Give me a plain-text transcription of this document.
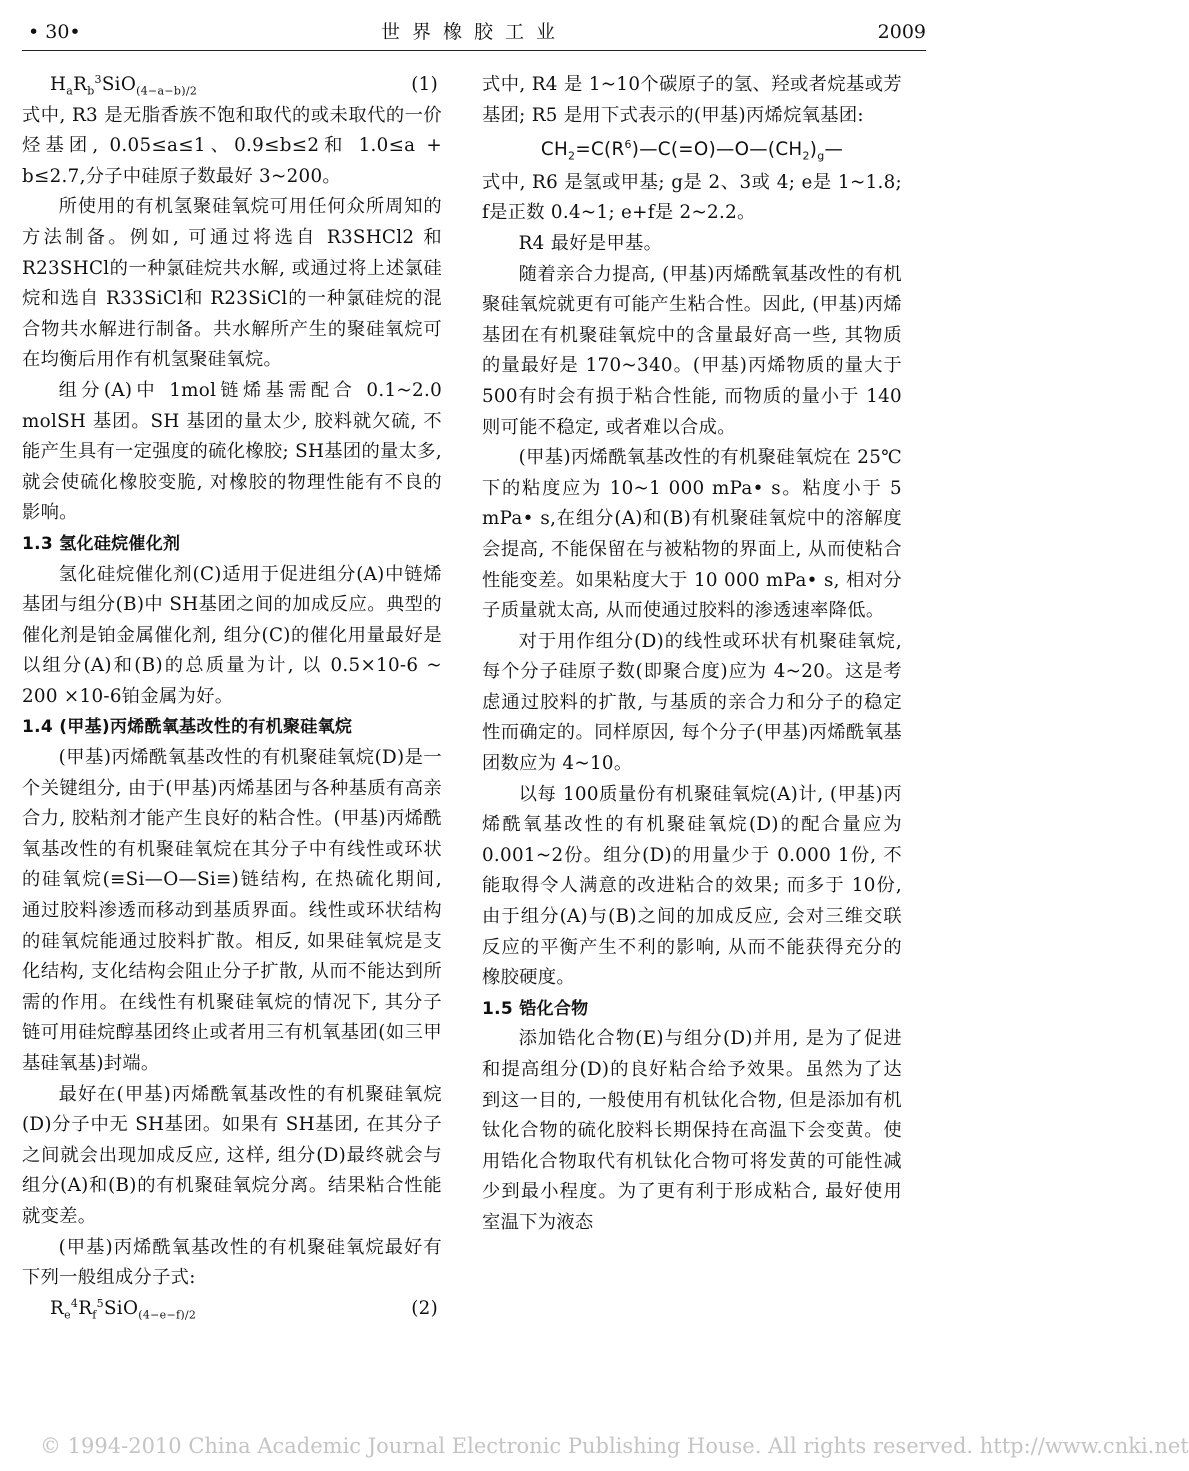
• 30•	世界橡胶工业	2009
$H_aR_b^3SiO_{(4-a-b)/2}$	(1)

式中, R3 是无脂香族不饱和取代的或未取代的一价烃基团, 0.05≤a≤1、0.9≤b≤2和 1.0≤a + b≤2.7,分子中硅原子数最好 3~200。

所使用的有机氢聚硅氧烷可用任何众所周知的方法制备。例如, 可通过将选自 R3SHCl2 和 R23SHCl的一种氯硅烷共水解, 或通过将上述氯硅烷和选自 R33SiCl和 R23SiCl的一种氯硅烷的混合物共水解进行制备。共水解所产生的聚硅氧烷可在均衡后用作有机氢聚硅氧烷。

组分(A)中 1mol链烯基需配合 0.1~2.0 molSH 基团。SH 基团的量太少, 胶料就欠硫, 不能产生具有一定强度的硫化橡胶; SH基团的量太多, 就会使硫化橡胶变脆, 对橡胶的物理性能有不良的影响。

1.3 氢化硅烷催化剂

氢化硅烷催化剂(C)适用于促进组分(A)中链烯基团与组分(B)中 SH基团之间的加成反应。典型的催化剂是铂金属催化剂, 组分(C)的催化用量最好是以组分(A)和(B)的总质量为计, 以 0.5×10-6 ~ 200 ×10-6铂金属为好。

1.4 (甲基)丙烯酰氧基改性的有机聚硅氧烷

(甲基)丙烯酰氧基改性的有机聚硅氧烷(D)是一个关键组分, 由于(甲基)丙烯基团与各种基质有高亲合力, 胶粘剂才能产生良好的粘合性。(甲基)丙烯酰氧基改性的有机聚硅氧烷在其分子中有线性或环状的硅氧烷(≡Si—O—Si≡)链结构, 在热硫化期间, 通过胶料渗透而移动到基质界面。线性或环状结构的硅氧烷能通过胶料扩散。相反, 如果硅氧烷是支化结构, 支化结构会阻止分子扩散, 从而不能达到所需的作用。在线性有机聚硅氧烷的情况下, 其分子链可用硅烷醇基团终止或者用三有机氧基团(如三甲基硅氧基)封端。

最好在(甲基)丙烯酰氧基改性的有机聚硅氧烷(D)分子中无 SH基团。如果有 SH基团, 在其分子之间就会出现加成反应, 这样, 组分(D)最终就会与组分(A)和(B)的有机聚硅氧烷分离。结果粘合性能就变差。

(甲基)丙烯酰氧基改性的有机聚硅氧烷最好有下列一般组成分子式:

$R_e^4R_f^5SiO_{(4-e-f)/2}$	(2)

式中, R4 是 1~10个碳原子的氢、羟或者烷基或芳基团; R5 是用下式表示的(甲基)丙烯烷氧基团:

$CH_2=C(R^6)—C(=O)—O—(CH_2)_g—$

式中, R6 是氢或甲基; g是 2、3或 4; e是 1~1.8; f是正数 0.4~1; e+f是 2~2.2。

R4 最好是甲基。

随着亲合力提高, (甲基)丙烯酰氧基改性的有机聚硅氧烷就更有可能产生粘合性。因此, (甲基)丙烯基团在有机聚硅氧烷中的含量最好高一些, 其物质的量最好是 170~340。(甲基)丙烯物质的量大于 500有时会有损于粘合性能, 而物质的量小于 140则可能不稳定, 或者难以合成。

(甲基)丙烯酰氧基改性的有机聚硅氧烷在 25℃下的粘度应为 10~1 000 mPa• s。粘度小于 5 mPa• s,在组分(A)和(B)有机聚硅氧烷中的溶解度会提高, 不能保留在与被粘物的界面上, 从而使粘合性能变差。如果粘度大于 10 000 mPa• s, 相对分子质量就太高, 从而使通过胶料的渗透速率降低。

对于用作组分(D)的线性或环状有机聚硅氧烷, 每个分子硅原子数(即聚合度)应为 4~20。这是考虑通过胶料的扩散, 与基质的亲合力和分子的稳定性而确定的。同样原因, 每个分子(甲基)丙烯酰氧基团数应为 4~10。

以每 100质量份有机聚硅氧烷(A)计, (甲基)丙烯酰氧基改性的有机聚硅氧烷(D)的配合量应为 0.001~2份。组分(D)的用量少于 0.000 1份, 不能取得令人满意的改进粘合的效果; 而多于 10份, 由于组分(A)与(B)之间的加成反应, 会对三维交联反应的平衡产生不利的影响, 从而不能获得充分的橡胶硬度。

1.5 锆化合物

添加锆化合物(E)与组分(D)并用, 是为了促进和提高组分(D)的良好粘合给予效果。虽然为了达到这一目的, 一般使用有机钛化合物, 但是添加有机钛化合物的硫化胶料长期保持在高温下会变黄。使用锆化合物取代有机钛化合物可将发黄的可能性减少到最小程度。为了更有利于形成粘合, 最好使用室温下为液态

© 1994-2010 China Academic Journal Electronic Publishing House. All rights reserved. http://www.cnki.net
